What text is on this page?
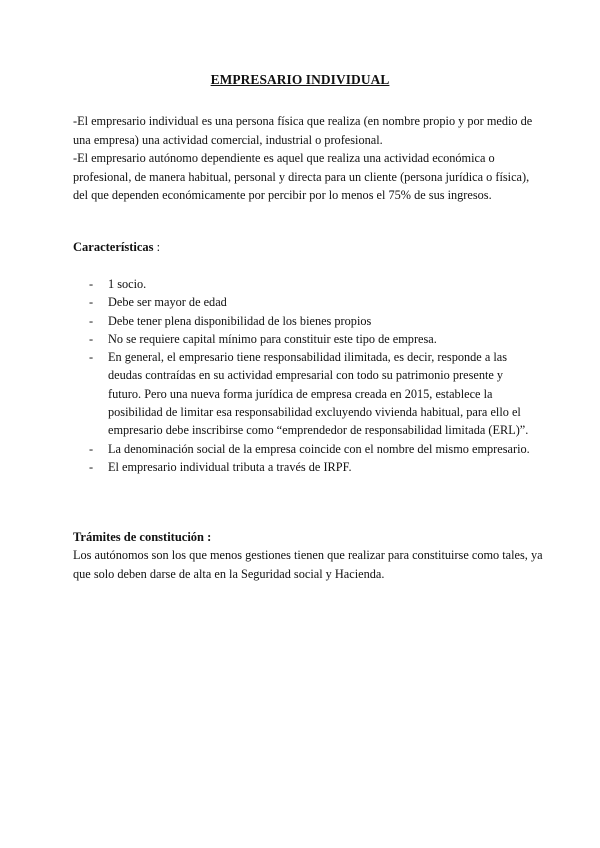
EMPRESARIO INDIVIDUAL

-El empresario individual es una persona física que realiza (en nombre propio y por medio de una empresa) una actividad comercial, industrial o profesional.

-El empresario autónomo dependiente es aquel que realiza una actividad económica o profesional, de manera habitual, personal y directa para un cliente (persona jurídica o física), del que dependen económicamente por percibir por lo menos el 75% de sus ingresos.

Características :
- 1 socio.
- Debe ser mayor de edad
- Debe tener plena disponibilidad de los bienes propios
- No se requiere capital mínimo para constituir este tipo de empresa.
- En general, el empresario tiene responsabilidad ilimitada, es decir, responde a las deudas contraídas en su actividad empresarial con todo su patrimonio presente y futuro. Pero una nueva forma jurídica de empresa creada en 2015, establece la posibilidad de limitar esa responsabilidad excluyendo vivienda habitual, para ello el empresario debe inscribirse como “emprendedor de responsabilidad limitada (ERL)”.
- La denominación social de la empresa coincide con el nombre del mismo empresario.
- El empresario individual tributa a través de IRPF.
Trámites de constitución :
Los autónomos son los que menos gestiones tienen que realizar para constituirse como tales, ya que solo deben darse de alta en la Seguridad social y Hacienda.
